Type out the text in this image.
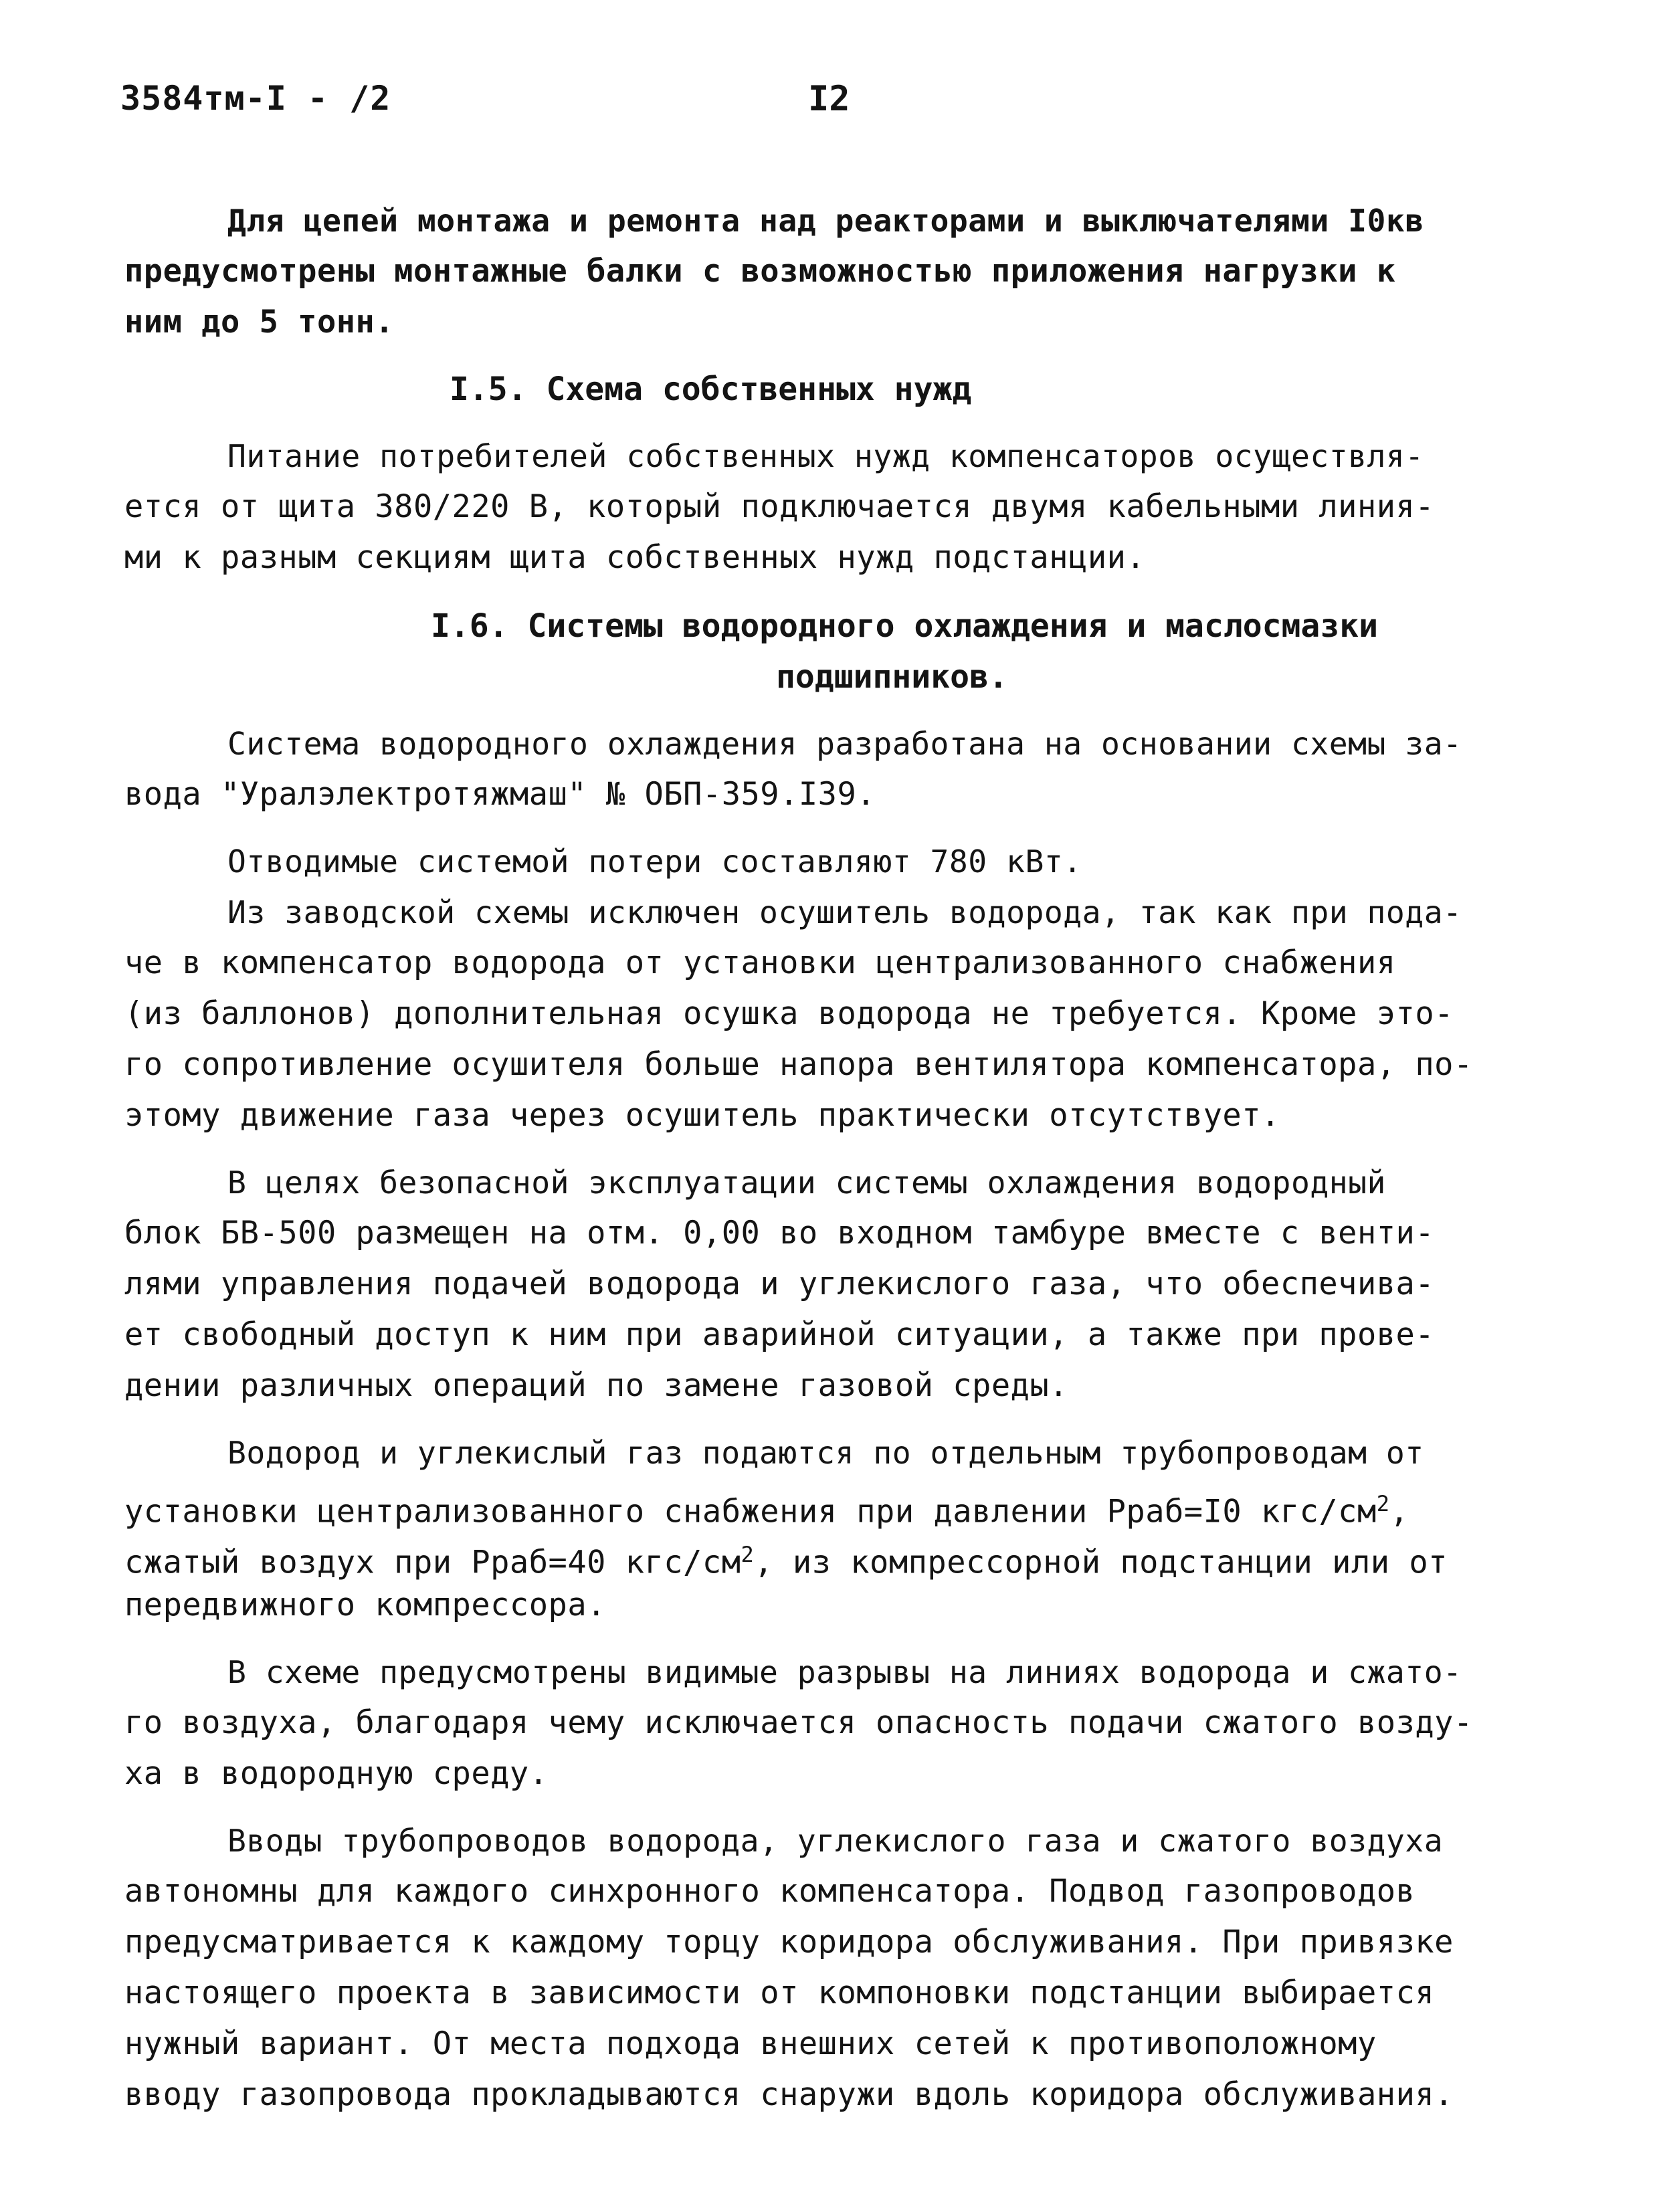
3584тм-I - /2	I2
Для цепей монтажа и ремонта над реакторами и выключателями I0кв
предусмотрены монтажные балки с возможностью приложения нагрузки к
ним до 5 тонн.
I.5. Схема собственных нужд
Питание потребителей собственных нужд компенсаторов осуществля-
ется от щита 380/220 В, который подключается двумя кабельными линия-
ми к разным секциям щита собственных нужд подстанции.
I.6. Системы водородного охлаждения и маслосмазки
подшипников.
Система водородного охлаждения разработана на основании схемы за-
вода "Уралэлектротяжмаш" № ОБП-359.I39.
Отводимые системой потери составляют 780 кВт.
Из заводской схемы исключен осушитель водорода, так как при пода-
че в компенсатор водорода от установки централизованного снабжения
(из баллонов) дополнительная осушка водорода не требуется. Кроме это-
го сопротивление осушителя больше напора вентилятора компенсатора, по-
этому движение газа через осушитель практически отсутствует.
В целях безопасной эксплуатации системы охлаждения водородный
блок БВ-500 размещен на отм. 0,00 во входном тамбуре вместе с венти-
лями управления подачей водорода и углекислого газа, что обеспечива-
ет свободный доступ к ним при аварийной ситуации, а также при прове-
дении различных операций по замене газовой среды.
Водород и углекислый газ подаются по отдельным трубопроводам от
установки централизованного снабжения при давлении Рраб=I0 кгс/$см^2$,
сжатый воздух при Рраб=40 кгс/$см^2$, из компрессорной подстанции или от
передвижного компрессора.
В схеме предусмотрены видимые разрывы на линиях водорода и сжато-
го воздуха, благодаря чему исключается опасность подачи сжатого возду-
ха в водородную среду.
Вводы трубопроводов водорода, углекислого газа и сжатого воздуха
автономны для каждого синхронного компенсатора. Подвод газопроводов
предусматривается к каждому торцу коридора обслуживания. При привязке
настоящего проекта в зависимости от компоновки подстанции выбирается
нужный вариант. От места подхода внешних сетей к противоположному
вводу газопровода прокладываются снаружи вдоль коридора обслуживания.
